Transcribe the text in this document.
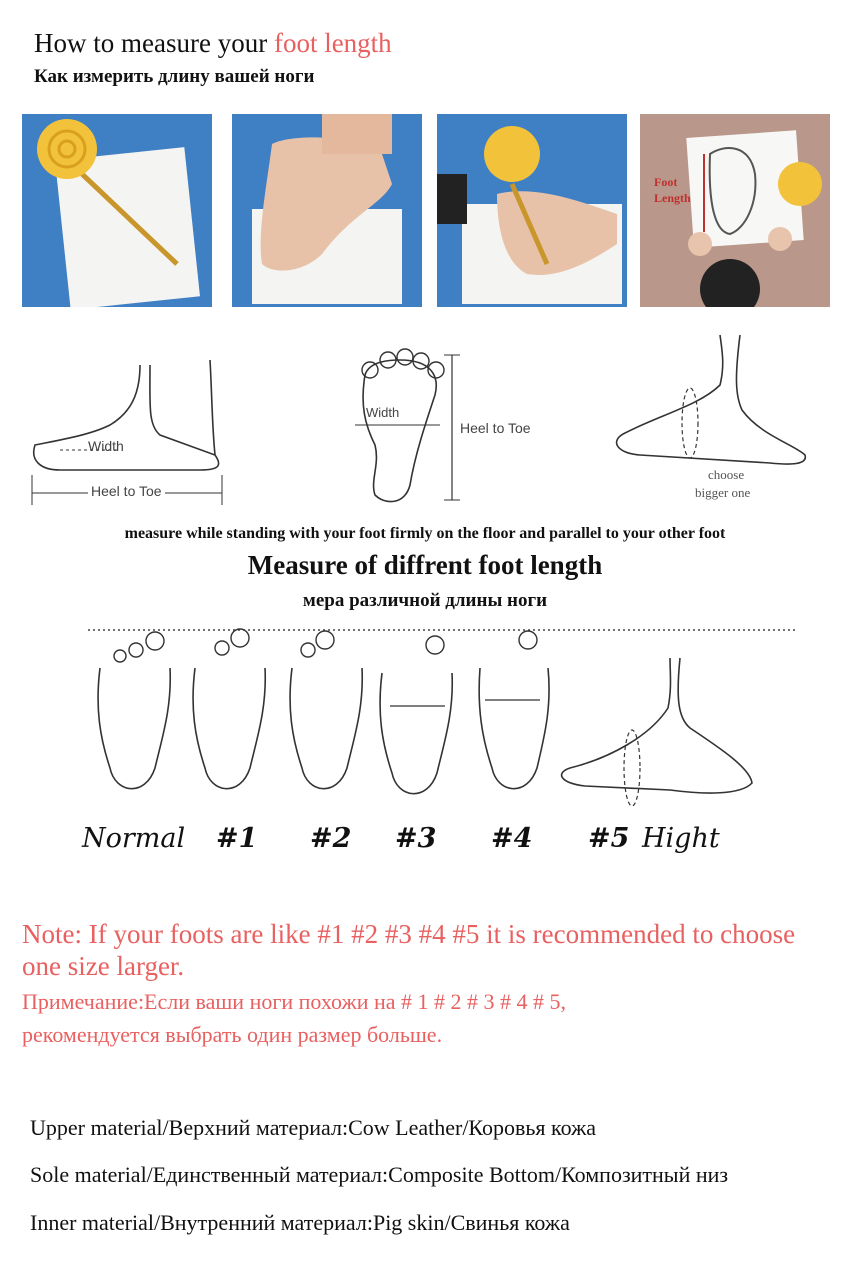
How to measure your foot length
Как измерить длину вашей ноги
Foot Length
Width
Heel to Toe
Width
Heel to Toe
choose
bigger one
measure while standing with your foot firmly on the floor and parallel to your other foot
Measure of diffrent foot length
мера различной длины ноги
Normal #1 #2 #3 #4 #5 Hight
Note: If your foots are like #1 #2 #3 #4 #5 it is recommended to choose one size larger.
Примечание:Если ваши ноги похожи на # 1 # 2 # 3 # 4 # 5,
рекомендуется выбрать один размер больше.
Upper material/Верхний материал:Cow Leather/Коровья кожа
Sole material/Единственный материал:Composite Bottom/Композитный низ
Inner material/Внутренний материал:Pig skin/Свинья кожа
